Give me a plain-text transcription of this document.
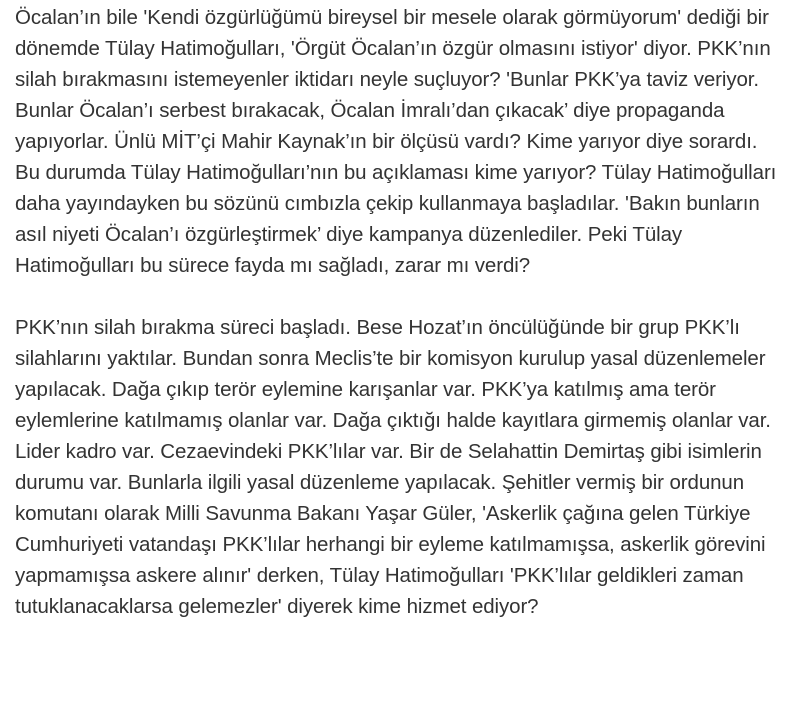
Öcalan’ın bile 'Kendi özgürlüğümü bireysel bir mesele olarak görmüyorum' dediği bir dönemde Tülay Hatimoğulları, 'Örgüt Öcalan’ın özgür olmasını istiyor' diyor. PKK’nın silah bırakmasını istemeyenler iktidarı neyle suçluyor? 'Bunlar PKK’ya taviz veriyor. Bunlar Öcalan’ı serbest bırakacak, Öcalan İmralı’dan çıkacak’ diye propaganda yapıyorlar. Ünlü MİT’çi Mahir Kaynak’ın bir ölçüsü vardı? Kime yarıyor diye sorardı. Bu durumda Tülay Hatimoğulları’nın bu açıklaması kime yarıyor? Tülay Hatimoğulları daha yayındayken bu sözünü cımbızla çekip kullanmaya başladılar. 'Bakın bunların asıl niyeti Öcalan’ı özgürleştirmek’ diye kampanya düzenlediler. Peki Tülay Hatimoğulları bu sürece fayda mı sağladı, zarar mı verdi?

PKK’nın silah bırakma süreci başladı. Bese Hozat’ın öncülüğünde bir grup PKK’lı silahlarını yaktılar. Bundan sonra Meclis’te bir komisyon kurulup yasal düzenlemeler yapılacak. Dağa çıkıp terör eylemine karışanlar var. PKK’ya katılmış ama terör eylemlerine katılmamış olanlar var. Dağa çıktığı halde kayıtlara girmemiş olanlar var. Lider kadro var. Cezaevindeki PKK’lılar var. Bir de Selahattin Demirtaş gibi isimlerin durumu var. Bunlarla ilgili yasal düzenleme yapılacak. Şehitler vermiş bir ordunun komutanı olarak Milli Savunma Bakanı Yaşar Güler, 'Askerlik çağına gelen Türkiye Cumhuriyeti vatandaşı PKK’lılar herhangi bir eyleme katılmamışsa, askerlik görevini yapmamışsa askere alınır' derken, Tülay Hatimoğulları 'PKK’lılar geldikleri zaman tutuklanacaklarsa gelemezler' diyerek kime hizmet ediyor?
